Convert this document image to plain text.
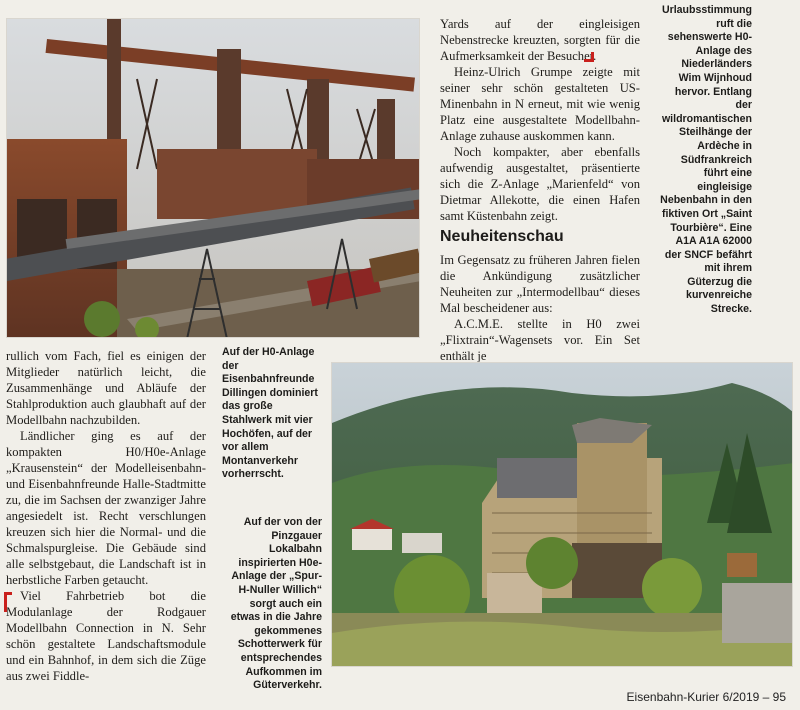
Yards auf der eingleisigen Nebenstrecke kreuzten, sorgten für die Aufmerksamkeit der Besucher.

Heinz-Ulrich Grumpe zeigte mit seiner sehr schön gestalteten US-Minenbahn in N erneut, mit wie wenig Platz eine ausgestaltete Modellbahn-Anlage zuhause auskommen kann.

Noch kompakter, aber ebenfalls aufwendig ausgestaltet, präsentierte sich die Z-Anlage „Marienfeld“ von Dietmar Allekotte, die einen Hafen samt Küstenbahn zeigt.

Neuheitenschau

Im Gegensatz zu früheren Jahren fielen die Ankündigung zusätzlicher Neuheiten zur „Intermodellbau“ dieses Mal bescheidener aus:

A.C.M.E. stellte in H0 zwei „Flixtrain“-Wagensets vor. Ein Set enthält je

Urlaubsstimmung ruft die sehenswerte H0-Anlage des Niederländers Wim Wijnhoud hervor. Entlang der wildromantischen Steilhänge der Ardèche in Südfrankreich führt eine eingleisige Nebenbahn in den fiktiven Ort „Saint Tourbière“. Eine A1A A1A 62000 der SNCF befährt mit ihrem Güterzug die kurvenreiche Strecke.
Auf der H0-Anlage der Eisenbahnfreunde Dillingen dominiert das große Stahlwerk mit vier Hochöfen, auf der vor allem Montanverkehr vorherrscht.
Auf der von der Pinzgauer Lokalbahn inspirierten H0e-Anlage der „Spur-H-Nuller Willich“ sorgt auch ein etwas in die Jahre gekommenes Schotterwerk für entsprechendes Aufkommen im Güterverkehr.

rullich vom Fach, fiel es einigen der Mitglieder natürlich leicht, die Zusammenhänge und Abläufe der Stahlproduktion auch glaubhaft auf der Modellbahn nachzubilden.

Ländlicher ging es auf der kompakten H0/H0e-Anlage „Krausenstein“ der Modelleisenbahn- und Eisenbahnfreunde Halle-Stadtmitte zu, die im Sachsen der zwanziger Jahre angesiedelt ist. Recht verschlungen kreuzen sich hier die Normal- und die Schmalspurgleise. Die Gebäude sind alle selbstgebaut, die Landschaft ist in herbstliche Farben getaucht.

Viel Fahrbetrieb bot die Modulanlage der Rodgauer Modellbahn Connection in N. Sehr schön gestaltete Landschaftsmodule und ein Bahnhof, in dem sich die Züge aus zwei Fiddle-

Eisenbahn-Kurier 6/2019 – 95
